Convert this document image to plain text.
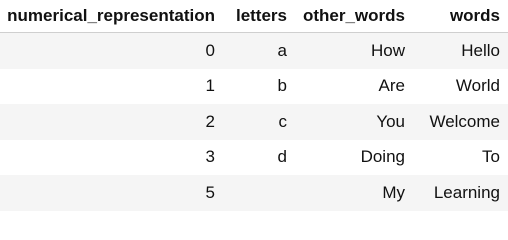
numerical_representation	letters	other_words	words
0	a	How	Hello
1	b	Are	World
2	c	You	Welcome
3	d	Doing	To
5		My	Learning
